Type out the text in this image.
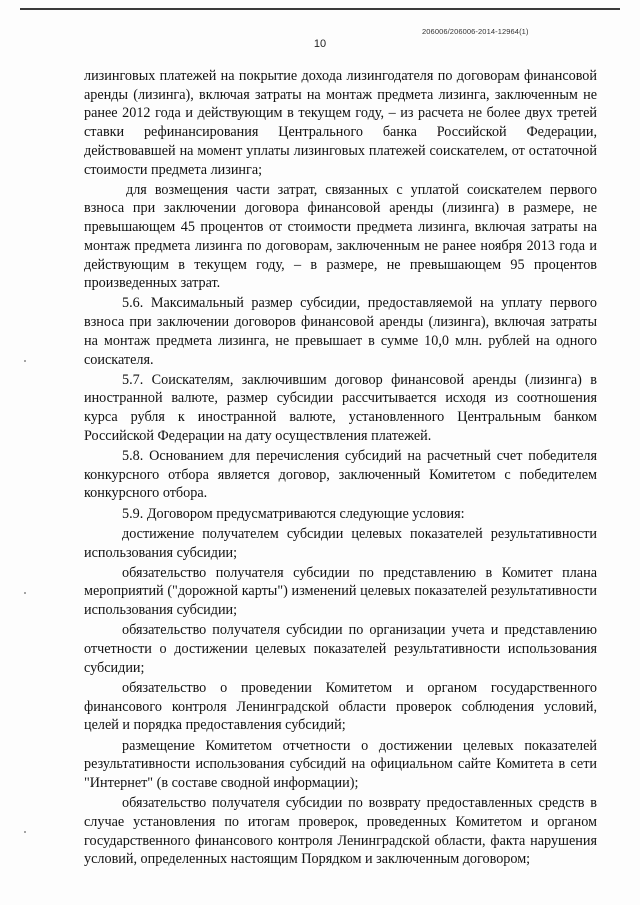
206006/206006-2014-12964(1)
10

лизинговых платежей на покрытие дохода лизингодателя по договорам финансовой аренды (лизинга), включая затраты на монтаж предмета лизинга, заключенным не ранее 2012 года и действующим в текущем году, – из расчета не более двух третей ставки рефинансирования Центрального банка Российской Федерации, действовавшей на момент уплаты лизинговых платежей соискателем, от остаточной стоимости предмета лизинга;

для возмещения части затрат, связанных с уплатой соискателем первого взноса при заключении договора финансовой аренды (лизинга) в размере, не превышающем 45 процентов от стоимости предмета лизинга, включая затраты на монтаж предмета лизинга по договорам, заключенным не ранее ноября 2013 года и действующим в текущем году, – в размере, не превышающем 95 процентов произведенных затрат.

5.6. Максимальный размер субсидии, предоставляемой на уплату первого взноса при заключении договоров финансовой аренды (лизинга), включая затраты на монтаж предмета лизинга, не превышает в сумме 10,0 млн. рублей на одного соискателя.

5.7. Соискателям, заключившим договор финансовой аренды (лизинга) в иностранной валюте, размер субсидии рассчитывается исходя из соотношения курса рубля к иностранной валюте, установленного Центральным банком Российской Федерации на дату осуществления платежей.

5.8. Основанием для перечисления субсидий на расчетный счет победителя конкурсного отбора является договор, заключенный Комитетом с победителем конкурсного отбора.

5.9. Договором предусматриваются следующие условия:

достижение получателем субсидии целевых показателей результативности использования субсидии;

обязательство получателя субсидии по представлению в Комитет плана мероприятий ("дорожной карты") изменений целевых показателей результативности использования субсидии;

обязательство получателя субсидии по организации учета и представлению отчетности о достижении целевых показателей результативности использования субсидии;

обязательство о проведении Комитетом и органом государственного финансового контроля Ленинградской области проверок соблюдения условий, целей и порядка предоставления субсидий;

размещение Комитетом отчетности о достижении целевых показателей результативности использования субсидий на официальном сайте Комитета в сети "Интернет" (в составе сводной информации);

обязательство получателя субсидии по возврату предоставленных средств в случае установления по итогам проверок, проведенных Комитетом и органом государственного финансового контроля Ленинградской области, факта нарушения условий, определенных настоящим Порядком и заключенным договором;
